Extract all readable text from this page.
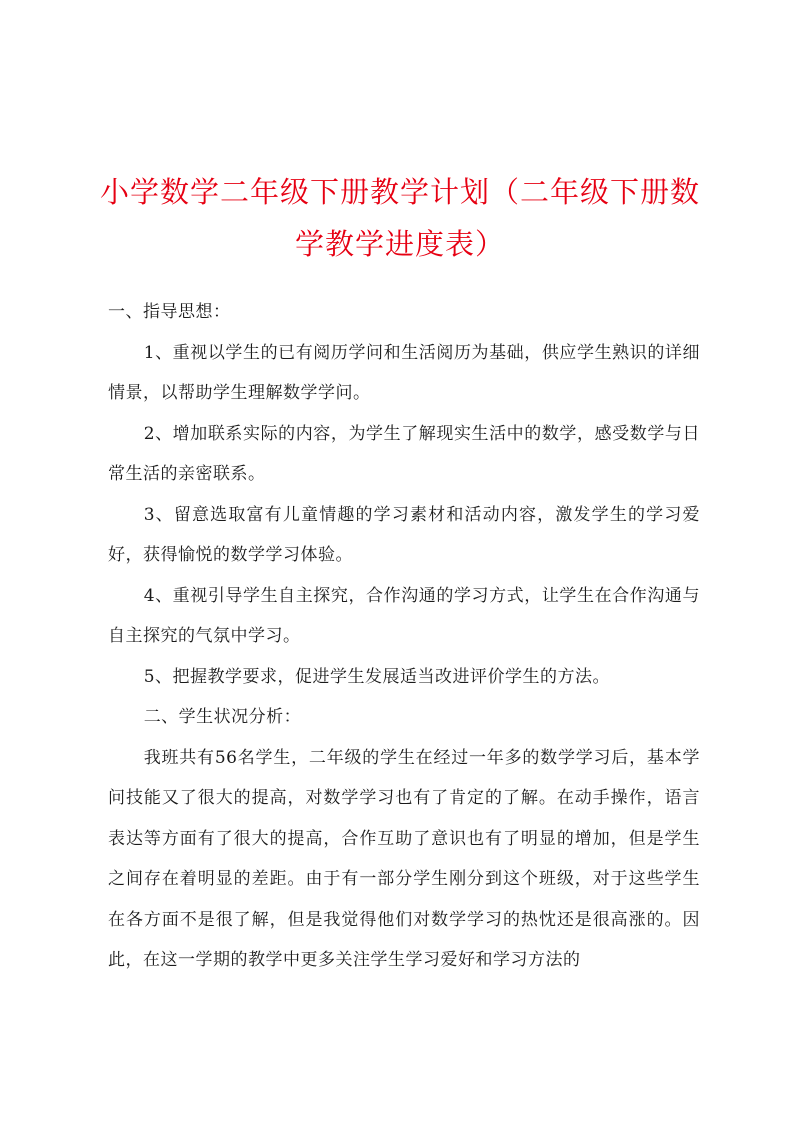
小学数学二年级下册教学计划（二年级下册数学教学进度表）

一、指导思想：

1、重视以学生的已有阅历学问和生活阅历为基础，供应学生熟识的详细情景，以帮助学生理解数学学问。

2、增加联系实际的内容，为学生了解现实生活中的数学，感受数学与日常生活的亲密联系。

3、留意选取富有儿童情趣的学习素材和活动内容，激发学生的学习爱好，获得愉悦的数学学习体验。

4、重视引导学生自主探究，合作沟通的学习方式，让学生在合作沟通与自主探究的气氛中学习。

5、把握教学要求，促进学生发展适当改进评价学生的方法。

二、学生状况分析：

我班共有56名学生，二年级的学生在经过一年多的数学学习后，基本学问技能又了很大的提高，对数学学习也有了肯定的了解。在动手操作，语言表达等方面有了很大的提高，合作互助了意识也有了明显的增加，但是学生之间存在着明显的差距。由于有一部分学生刚分到这个班级，对于这些学生在各方面不是很了解，但是我觉得他们对数学学习的热忱还是很高涨的。因此，在这一学期的教学中更多关注学生学习爱好和学习方法的
